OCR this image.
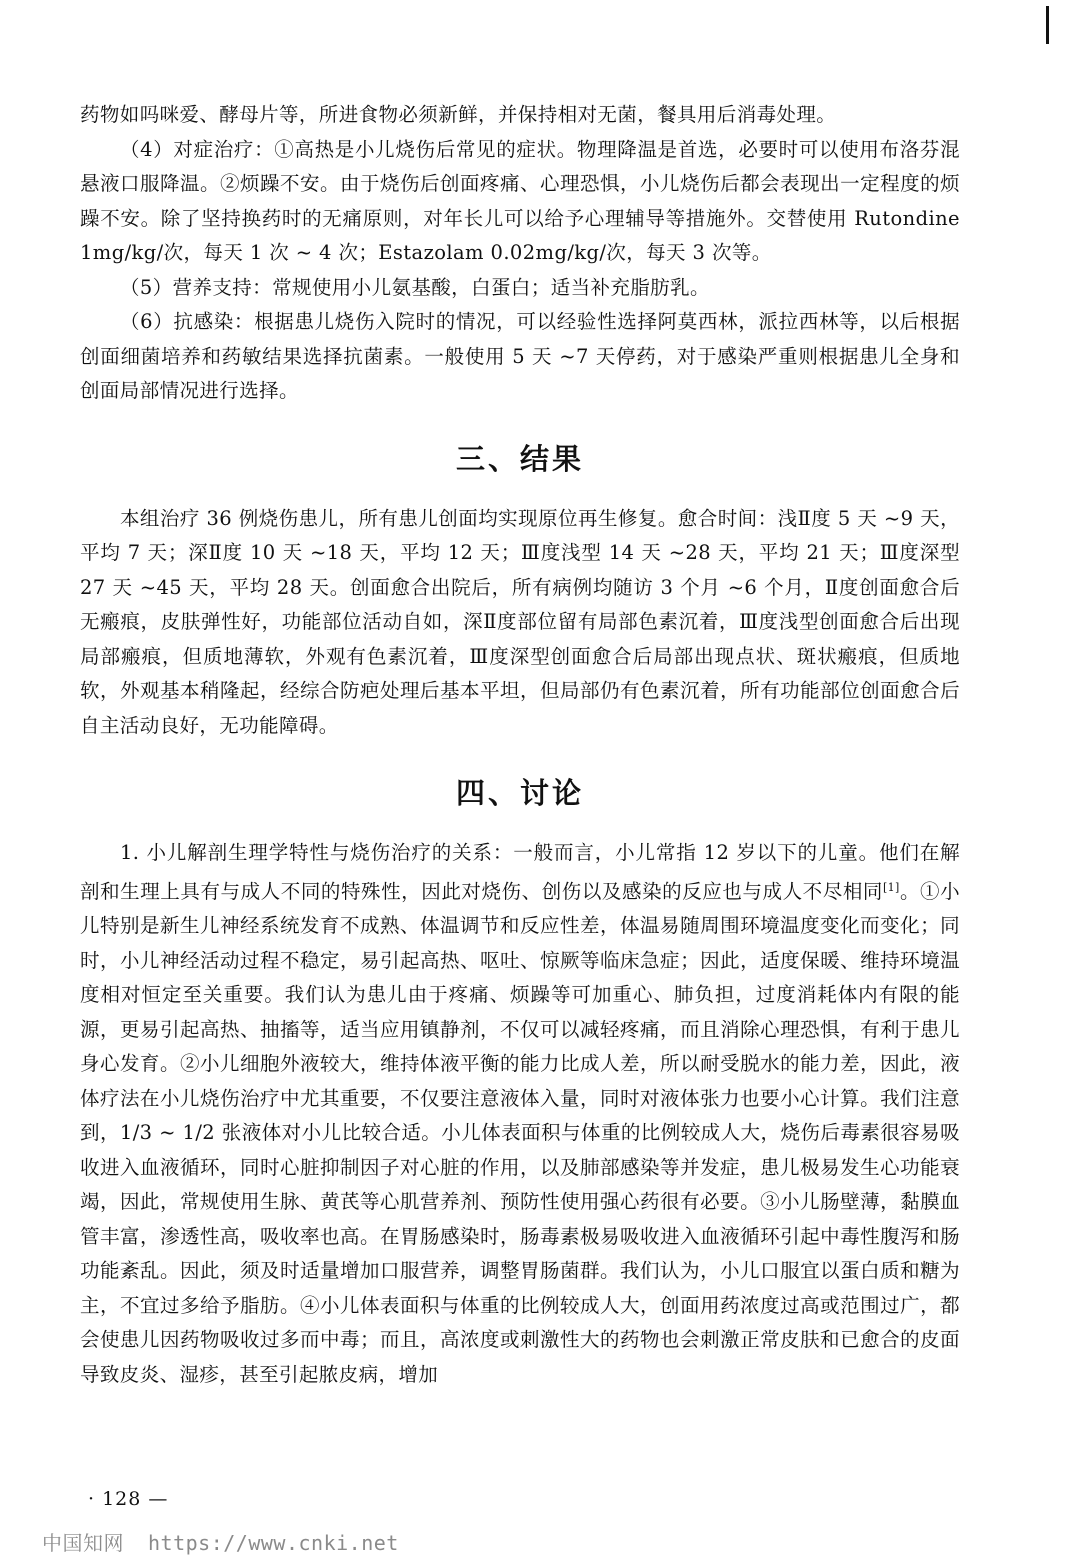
药物如吗咪爱、酵母片等，所进食物必须新鲜，并保持相对无菌，餐具用后消毒处理。

（4）对症治疗：①高热是小儿烧伤后常见的症状。物理降温是首选，必要时可以使用布洛芬混悬液口服降温。②烦躁不安。由于烧伤后创面疼痛、心理恐惧，小儿烧伤后都会表现出一定程度的烦躁不安。除了坚持换药时的无痛原则，对年长儿可以给予心理辅导等措施外。交替使用 Rutondine 1mg/kg/次，每天 1 次 ~ 4 次；Estazolam 0.02mg/kg/次，每天 3 次等。

（5）营养支持：常规使用小儿氨基酸，白蛋白；适当补充脂肪乳。

（6）抗感染：根据患儿烧伤入院时的情况，可以经验性选择阿莫西林，派拉西林等，以后根据创面细菌培养和药敏结果选择抗菌素。一般使用 5 天 ~7 天停药，对于感染严重则根据患儿全身和创面局部情况进行选择。

三、结果

本组治疗 36 例烧伤患儿，所有患儿创面均实现原位再生修复。愈合时间：浅Ⅱ度 5 天 ~9 天，平均 7 天；深Ⅱ度 10 天 ~18 天，平均 12 天；Ⅲ度浅型 14 天 ~28 天，平均 21 天；Ⅲ度深型 27 天 ~45 天，平均 28 天。创面愈合出院后，所有病例均随访 3 个月 ~6 个月，Ⅱ度创面愈合后无瘢痕，皮肤弹性好，功能部位活动自如，深Ⅱ度部位留有局部色素沉着，Ⅲ度浅型创面愈合后出现局部瘢痕，但质地薄软，外观有色素沉着，Ⅲ度深型创面愈合后局部出现点状、斑状瘢痕，但质地软，外观基本稍隆起，经综合防疤处理后基本平坦，但局部仍有色素沉着，所有功能部位创面愈合后自主活动良好，无功能障碍。

四、讨论

1. 小儿解剖生理学特性与烧伤治疗的关系：一般而言，小儿常指 12 岁以下的儿童。他们在解剖和生理上具有与成人不同的特殊性，因此对烧伤、创伤以及感染的反应也与成人不尽相同[1]。①小儿特别是新生儿神经系统发育不成熟、体温调节和反应性差，体温易随周围环境温度变化而变化；同时，小儿神经活动过程不稳定，易引起高热、呕吐、惊厥等临床急症；因此，适度保暖、维持环境温度相对恒定至关重要。我们认为患儿由于疼痛、烦躁等可加重心、肺负担，过度消耗体内有限的能源，更易引起高热、抽搐等，适当应用镇静剂，不仅可以减轻疼痛，而且消除心理恐惧，有利于患儿身心发育。②小儿细胞外液较大，维持体液平衡的能力比成人差，所以耐受脱水的能力差，因此，液体疗法在小儿烧伤治疗中尤其重要，不仅要注意液体入量，同时对液体张力也要小心计算。我们注意到，1/3 ~ 1/2 张液体对小儿比较合适。小儿体表面积与体重的比例较成人大，烧伤后毒素很容易吸收进入血液循环，同时心脏抑制因子对心脏的作用，以及肺部感染等并发症，患儿极易发生心功能衰竭，因此，常规使用生脉、黄芪等心肌营养剂、预防性使用强心药很有必要。③小儿肠壁薄，黏膜血管丰富，渗透性高，吸收率也高。在胃肠感染时，肠毒素极易吸收进入血液循环引起中毒性腹泻和肠功能紊乱。因此，须及时适量增加口服营养，调整胃肠菌群。我们认为，小儿口服宜以蛋白质和糖为主，不宜过多给予脂肪。④小儿体表面积与体重的比例较成人大，创面用药浓度过高或范围过广，都会使患儿因药物吸收过多而中毒；而且，高浓度或刺激性大的药物也会刺激正常皮肤和已愈合的皮面导致皮炎、湿疹，甚至引起脓皮病，增加

· 128 —
中国知网 https://www.cnki.net
